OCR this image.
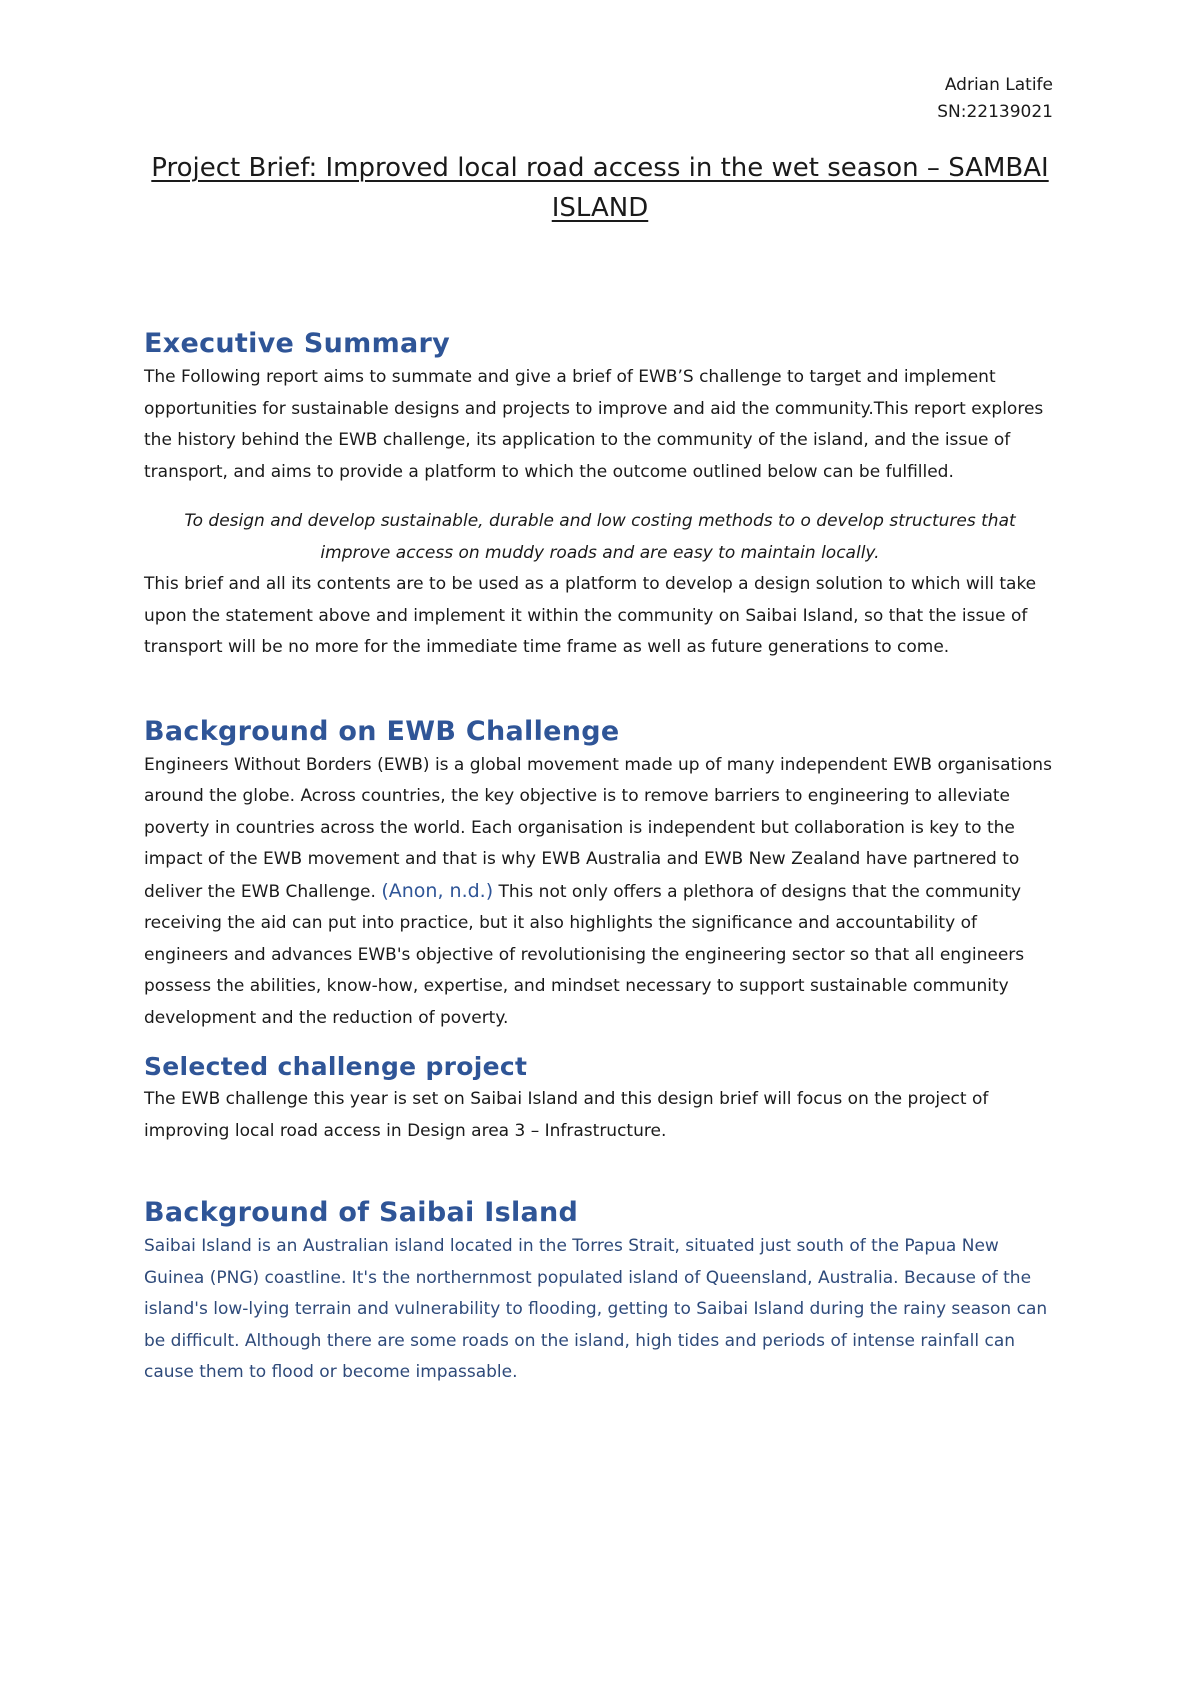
Adrian Latife
SN:22139021
Project Brief: Improved local road access in the wet season – SAMBAI ISLAND
Executive Summary

The Following report aims to summate and give a brief of EWB’S challenge to target and implement opportunities for sustainable designs and projects to improve and aid the community.This report explores the history behind the EWB challenge, its application to the community of the island, and the issue of transport, and aims to provide a platform to which the outcome outlined below can be fulfilled.

To design and develop sustainable, durable and low costing methods to o develop structures that improve access on muddy roads and are easy to maintain locally.

This brief and all its contents are to be used as a platform to develop a design solution to which will take upon the statement above and implement it within the community on Saibai Island, so that the issue of transport will be no more for the immediate time frame as well as future generations to come.

Background on EWB Challenge

Engineers Without Borders (EWB) is a global movement made up of many independent EWB organisations around the globe. Across countries, the key objective is to remove barriers to engineering to alleviate poverty in countries across the world. Each organisation is independent but collaboration is key to the impact of the EWB movement and that is why EWB Australia and EWB New Zealand have partnered to deliver the EWB Challenge. (Anon, n.d.) This not only offers a plethora of designs that the community receiving the aid can put into practice, but it also highlights the significance and accountability of engineers and advances EWB's objective of revolutionising the engineering sector so that all engineers possess the abilities, know-how, expertise, and mindset necessary to support sustainable community development and the reduction of poverty.

Selected challenge project

The EWB challenge this year is set on Saibai Island and this design brief will focus on the project of improving local road access in Design area 3 – Infrastructure.

Background of Saibai Island

Saibai Island is an Australian island located in the Torres Strait, situated just south of the Papua New Guinea (PNG) coastline. It's the northernmost populated island of Queensland, Australia. Because of the island's low-lying terrain and vulnerability to flooding, getting to Saibai Island during the rainy season can be difficult. Although there are some roads on the island, high tides and periods of intense rainfall can cause them to flood or become impassable.
